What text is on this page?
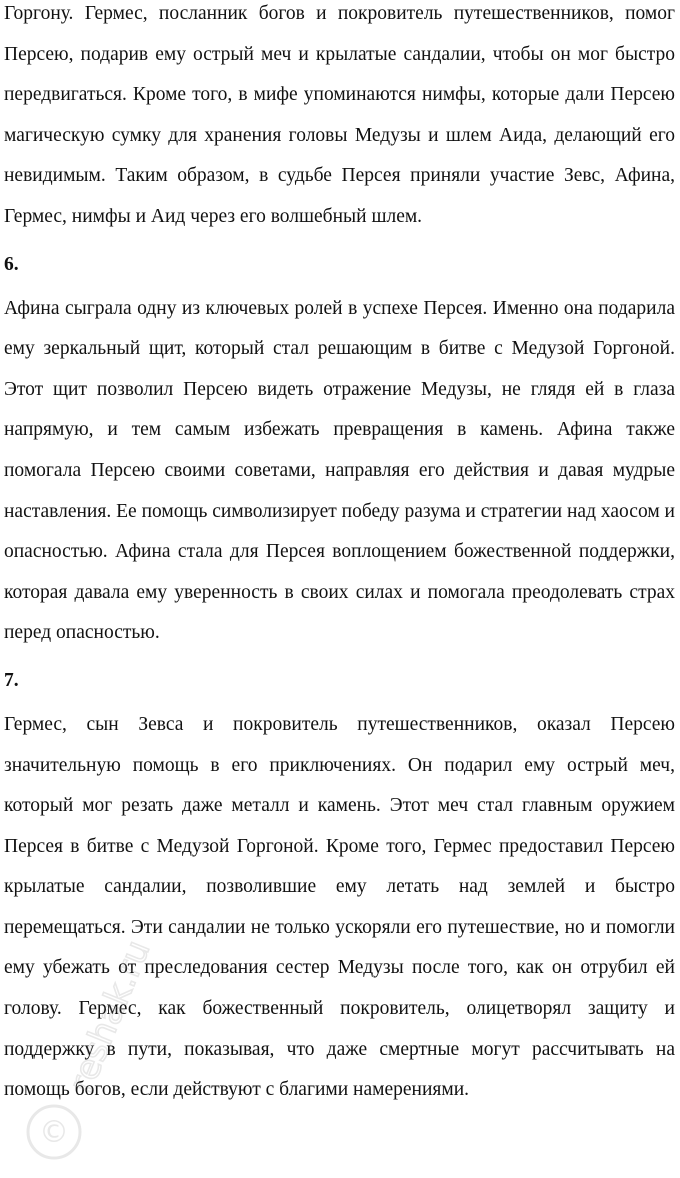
Горгону. Гермес, посланник богов и покровитель путешественников, помог Персею, подарив ему острый меч и крылатые сандалии, чтобы он мог быстро передвигаться. Кроме того, в мифе упоминаются нимфы, которые дали Персею магическую сумку для хранения головы Медузы и шлем Аида, делающий его невидимым. Таким образом, в судьбе Персея приняли участие Зевс, Афина, Гермес, нимфы и Аид через его волшебный шлем.

6.

Афина сыграла одну из ключевых ролей в успехе Персея. Именно она подарила ему зеркальный щит, который стал решающим в битве с Медузой Горгоной. Этот щит позволил Персею видеть отражение Медузы, не глядя ей в глаза напрямую, и тем самым избежать превращения в камень. Афина также помогала Персею своими советами, направляя его действия и давая мудрые наставления. Ее помощь символизирует победу разума и стратегии над хаосом и опасностью. Афина стала для Персея воплощением божественной поддержки, которая давала ему уверенность в своих силах и помогала преодолевать страх перед опасностью.

7.

Гермес, сын Зевса и покровитель путешественников, оказал Персею значительную помощь в его приключениях. Он подарил ему острый меч, который мог резать даже металл и камень. Этот меч стал главным оружием Персея в битве с Медузой Горгоной. Кроме того, Гермес предоставил Персею крылатые сандалии, позволившие ему летать над землей и быстро перемещаться. Эти сандалии не только ускоряли его путешествие, но и помогли ему убежать от преследования сестер Медузы после того, как он отрубил ей голову. Гермес, как божественный покровитель, олицетворял защиту и поддержку в пути, показывая, что даже смертные могут рассчитывать на помощь богов, если действуют с благими намерениями.

©
reshak.ru
